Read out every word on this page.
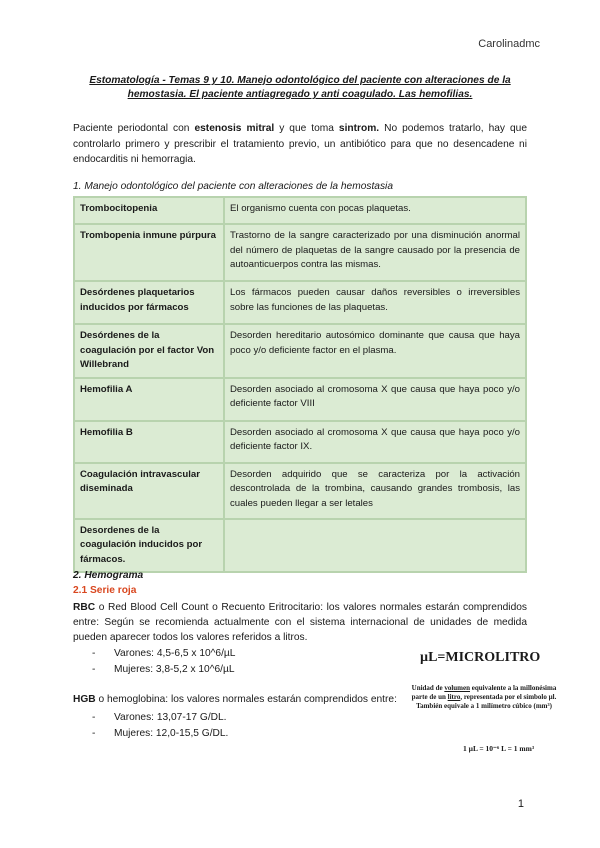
Carolinadmc
Estomatología - Temas 9 y 10. Manejo odontológico del paciente con alteraciones de la
hemostasia. El paciente antiagregado y anti coagulado. Las hemofilias.

Paciente periodontal con estenosis mitral y que toma sintrom. No podemos tratarlo, hay que controlarlo primero y prescribir el tratamiento previo, un antibiótico para que no desencadene ni endocarditis ni hemorragia.

1. Manejo odontológico del paciente con alteraciones de la hemostasia
Trombocitopenia	El organismo cuenta con pocas plaquetas.
Trombopenia inmune púrpura	Trastorno de la sangre caracterizado por una disminución anormal del número de plaquetas de la sangre causado por la presencia de autoanticuerpos contra las mismas.
Desórdenes plaquetarios inducidos por fármacos	Los fármacos pueden causar daños reversibles o irreversibles sobre las funciones de las plaquetas.
Desórdenes de la coagulación por el factor Von Willebrand	Desorden hereditario autosómico dominante que causa que haya poco y/o deficiente factor en el plasma.
Hemofilia A	Desorden asociado al cromosoma X que causa que haya poco y/o deficiente factor VIII
Hemofilia B	Desorden asociado al cromosoma X que causa que haya poco y/o deficiente factor IX.
Coagulación intravascular diseminada	Desorden adquirido que se caracteriza por la activación descontrolada de la trombina, causando grandes trombosis, las cuales pueden llegar a ser letales
Desordenes de la coagulación inducidos por fármacos.	
2. Hemograma
2.1 Serie roja

RBC o Red Blood Cell Count o Recuento Eritrocitario: los valores normales estarán comprendidos entre: Según se recomienda actualmente con el sistema internacional de unidades de medida pueden aparecer todos los valores referidos a litros.

-	Varones: 4,5-6,5 x 10^6/µL
-	Mujeres: 3,8-5,2 x 10^6/µL
HGB o hemoglobina: los valores normales estarán comprendidos entre:
-	Varones: 13,07-17 G/DL.
-	Mujeres: 12,0-15,5 G/DL.
µL=MICROLITRO
Unidad de volumen equivalente a la millonésima parte de un litro, representada por el símbolo µl. También equivale a 1 milímetro cúbico (mm³)
1 µL = 10⁻⁶ L = 1 mm³
1
